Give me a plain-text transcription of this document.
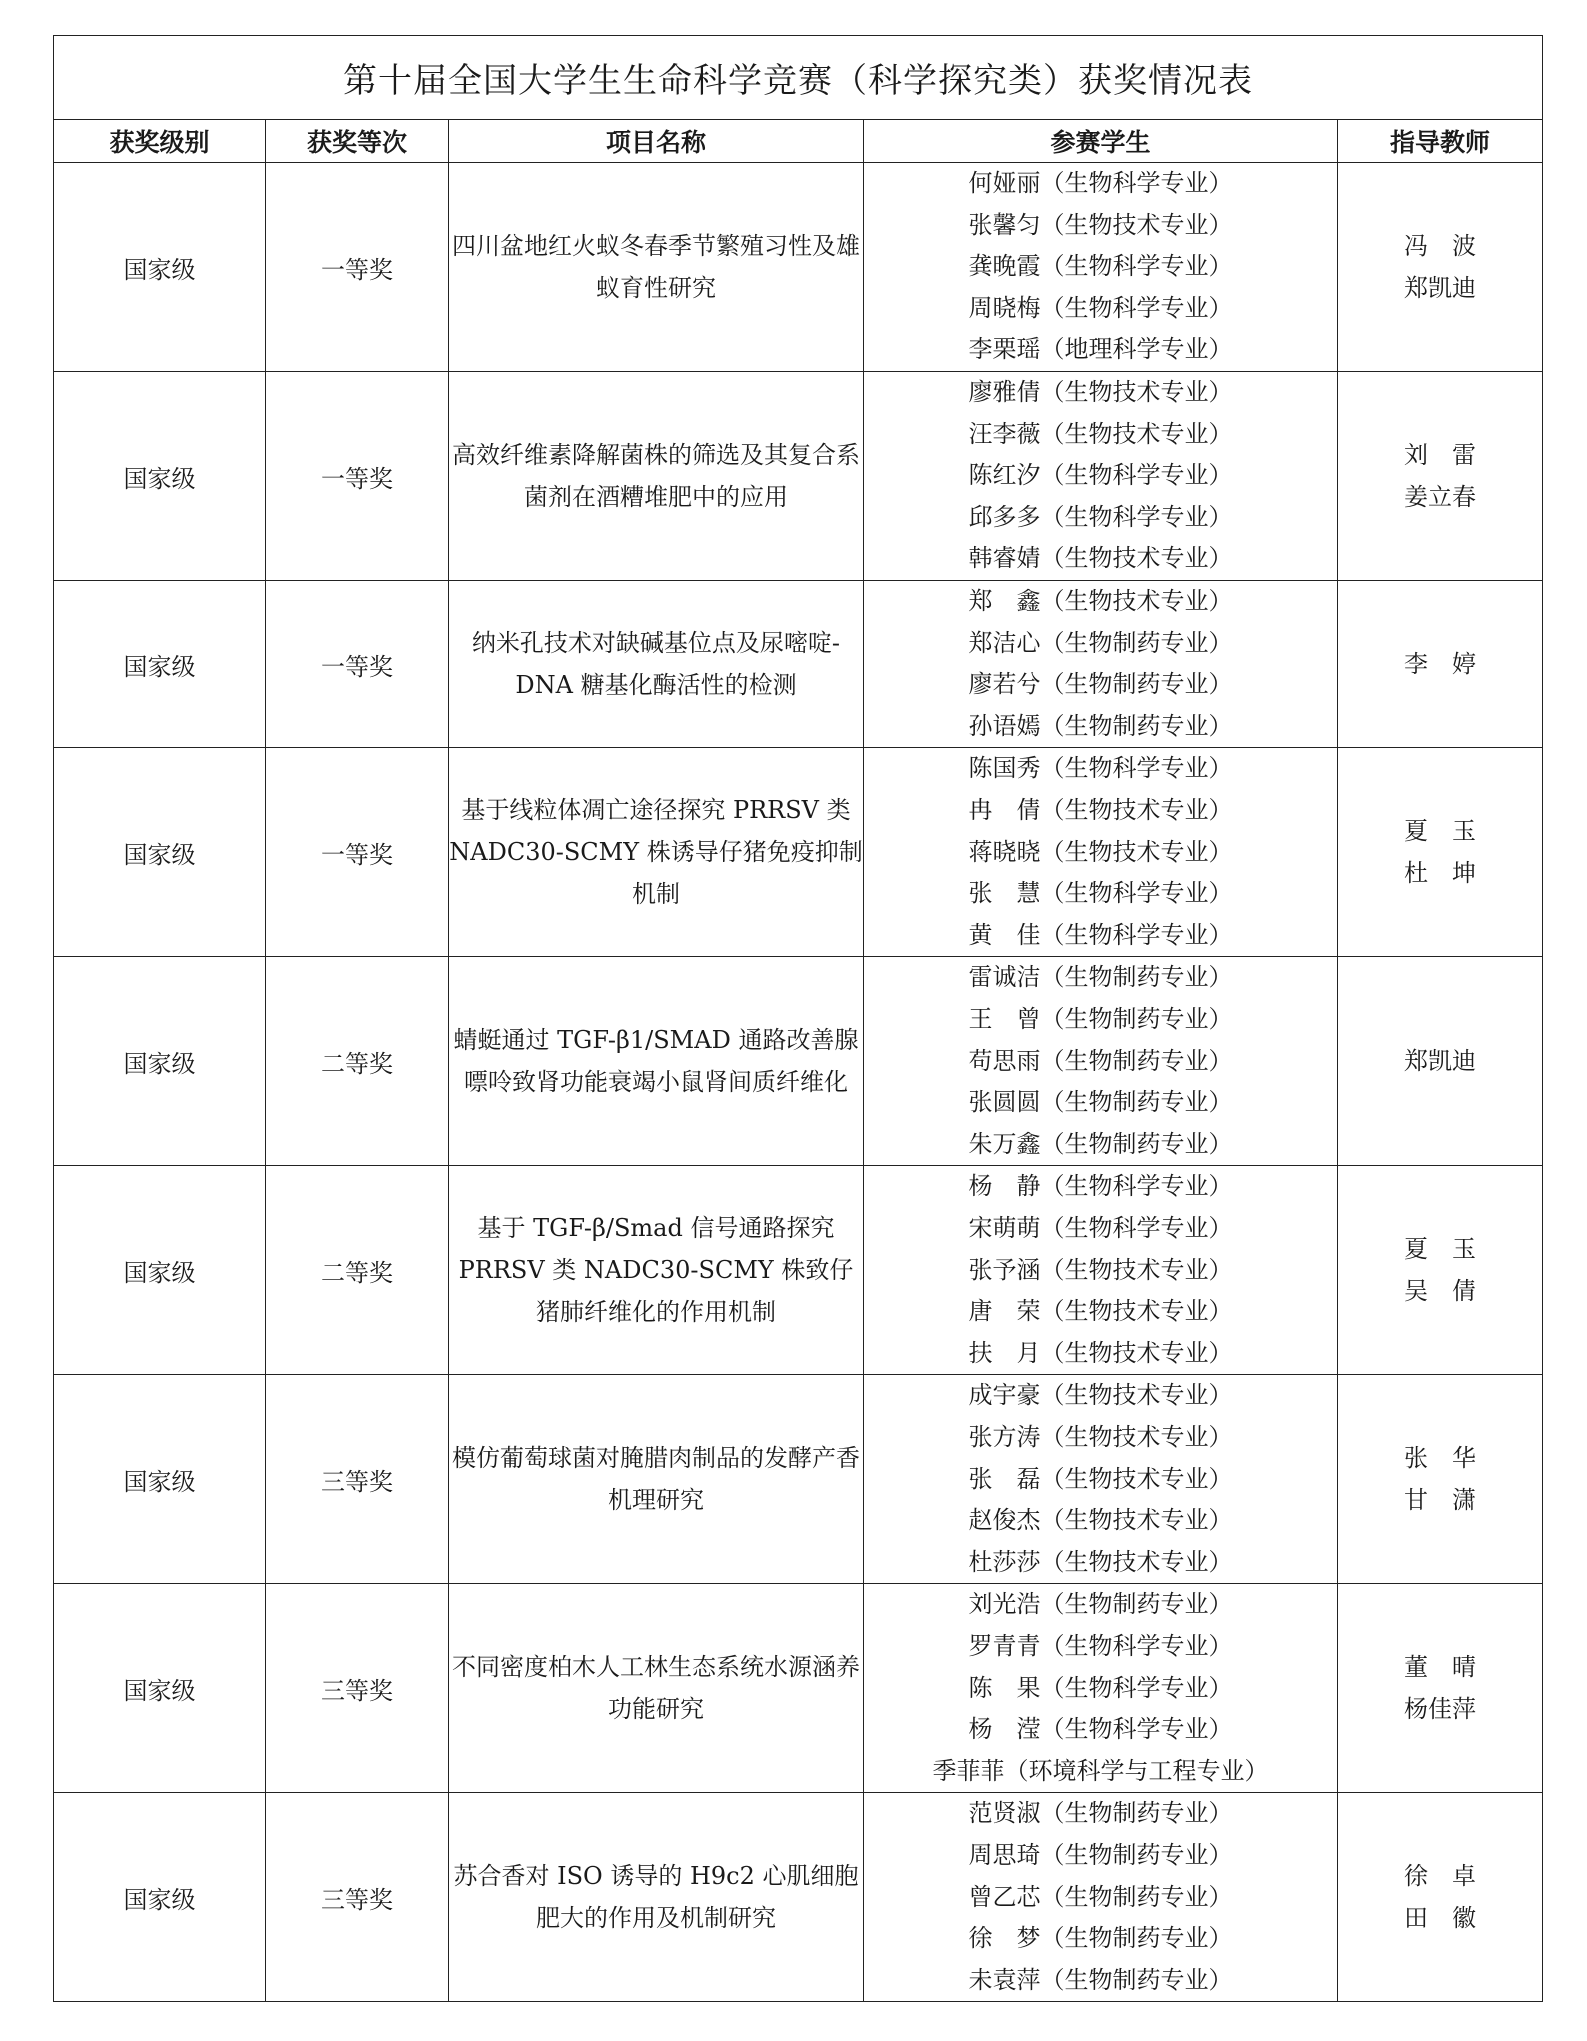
第十届全国大学生生命科学竞赛（科学探究类）获奖情况表				
获奖级别	获奖等次	项目名称	参赛学生	指导教师
国家级	一等奖	四川盆地红火蚁冬春季节繁殖习性及雄蚁育性研究	何娅丽（生物科学专业）
张馨匀（生物技术专业）
龚晚霞（生物科学专业）
周晓梅（生物科学专业）
李栗瑶（地理科学专业）	冯　波
郑凯迪

国家级	一等奖	高效纤维素降解菌株的筛选及其复合系菌剂在酒糟堆肥中的应用	廖雅倩（生物技术专业）
汪李薇（生物技术专业）
陈红汐（生物科学专业）
邱多多（生物科学专业）
韩睿婧（生物技术专业）	刘　雷
姜立春

国家级	一等奖	纳米孔技术对缺碱基位点及尿嘧啶-DNA 糖基化酶活性的检测	郑　鑫（生物技术专业）
郑洁心（生物制药专业）
廖若兮（生物制药专业）
孙语嫣（生物制药专业）	李　婷

国家级	一等奖	基于线粒体凋亡途径探究 PRRSV 类 NADC30-SCMY 株诱导仔猪免疫抑制机制	陈国秀（生物科学专业）
冉　倩（生物技术专业）
蒋晓晓（生物技术专业）
张　慧（生物科学专业）
黄　佳（生物科学专业）	夏　玉
杜　坤

国家级	二等奖	蜻蜓通过 TGF-β1/SMAD 通路改善腺嘌呤致肾功能衰竭小鼠肾间质纤维化	雷诚洁（生物制药专业）
王　曾（生物制药专业）
苟思雨（生物制药专业）
张圆圆（生物制药专业）
朱万鑫（生物制药专业）	郑凯迪

国家级	二等奖	基于 TGF-β/Smad 信号通路探究 PRRSV 类 NADC30-SCMY 株致仔猪肺纤维化的作用机制	杨　静（生物科学专业）
宋萌萌（生物科学专业）
张予涵（生物技术专业）
唐　荣（生物技术专业）
扶　月（生物技术专业）	夏　玉
吴　倩

国家级	三等奖	模仿葡萄球菌对腌腊肉制品的发酵产香机理研究	成宇豪（生物技术专业）
张方涛（生物技术专业）
张　磊（生物技术专业）
赵俊杰（生物技术专业）
杜莎莎（生物技术专业）	张　华
甘　潇

国家级	三等奖	不同密度柏木人工林生态系统水源涵养功能研究	刘光浩（生物制药专业）
罗青青（生物科学专业）
陈　果（生物科学专业）
杨　滢（生物科学专业）
季菲菲（环境科学与工程专业）	董　晴
杨佳萍

国家级	三等奖	苏合香对 ISO 诱导的 H9c2 心肌细胞肥大的作用及机制研究	范贤淑（生物制药专业）
周思琦（生物制药专业）
曾乙芯（生物制药专业）
徐　梦（生物制药专业）
未袁萍（生物制药专业）	徐　卓
田　徽
